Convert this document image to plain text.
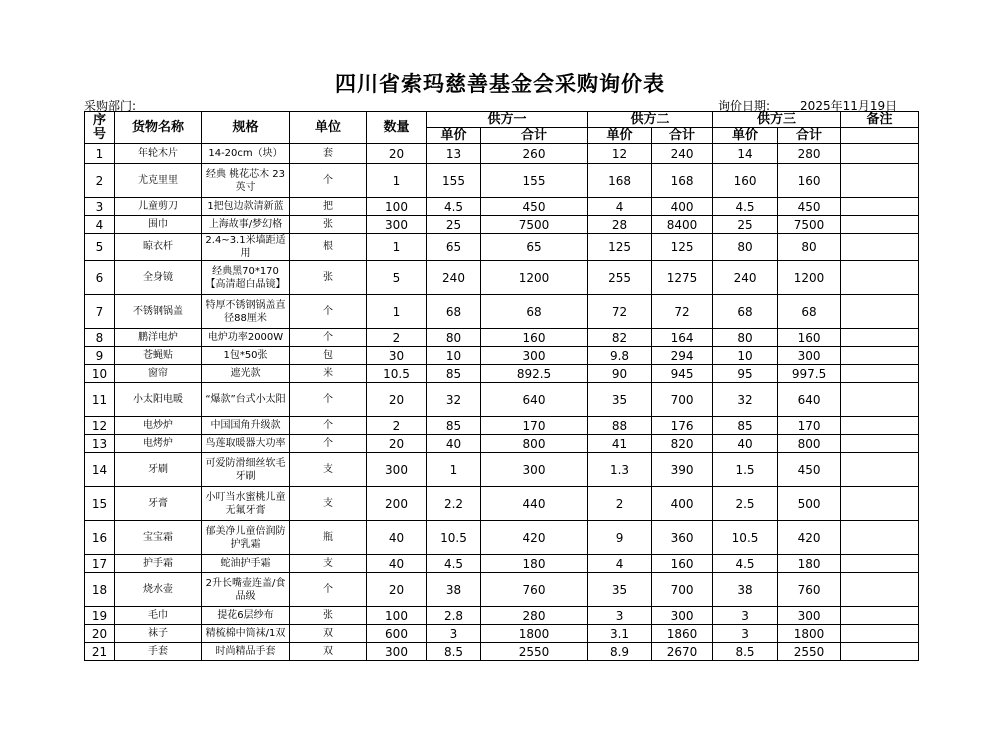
四川省索玛慈善基金会采购询价表
采购部门:	询价日期:	2025年11月19日
序号	货物名称	规格	单位	数量	供方一		供方二		供方三		备注
					单价	合计	单价	合计	单价	合计	
1	年轮木片	14-20cm（块）	套	20	13	260	12	240	14	280	
2	尤克里里	经典 桃花芯木 23英寸	个	1	155	155	168	168	160	160	
3	儿童剪刀	1把包边款清新蓝	把	100	4.5	450	4	400	4.5	450	
4	围巾	上海故事/梦幻格	张	300	25	7500	28	8400	25	7500	
5	晾衣杆	2.4~3.1米墙距适用	根	1	65	65	125	125	80	80	
6	全身镜	经典黑70*170【高清超白晶镜】	张	5	240	1200	255	1275	240	1200	
7	不锈钢锅盖	特厚不锈钢锅盖直径88厘米	个	1	68	68	72	72	68	68	
8	鹏洋电炉	电炉功率2000W	个	2	80	160	82	164	80	160	
9	苍蝇贴	1包*50张	包	30	10	300	9.8	294	10	300	
10	窗帘	遮光款	米	10.5	85	892.5	90	945	95	997.5	
11	小太阳电暖	“爆款”台式小太阳	个	20	32	640	35	700	32	640	
12	电炒炉	中国国角升级款	个	2	85	170	88	176	85	170	
13	电烤炉	鸟莲取暖器大功率	个	20	40	800	41	820	40	800	
14	牙刷	可爱防滑细丝软毛牙刷	支	300	1	300	1.3	390	1.5	450	
15	牙膏	小叮当水蜜桃儿童无氟牙膏	支	200	2.2	440	2	400	2.5	500	
16	宝宝霜	郁美净儿童倍润防护乳霜	瓶	40	10.5	420	9	360	10.5	420	
17	护手霜	蛇油护手霜	支	40	4.5	180	4	160	4.5	180	
18	烧水壶	2升长嘴壶连盖/食品级	个	20	38	760	35	700	38	760	
19	毛巾	提花6层纱布	张	100	2.8	280	3	300	3	300	
20	袜子	精梳棉中筒袜/1双	双	600	3	1800	3.1	1860	3	1800	
21	手套	时尚精品手套	双	300	8.5	2550	8.9	2670	8.5	2550	
